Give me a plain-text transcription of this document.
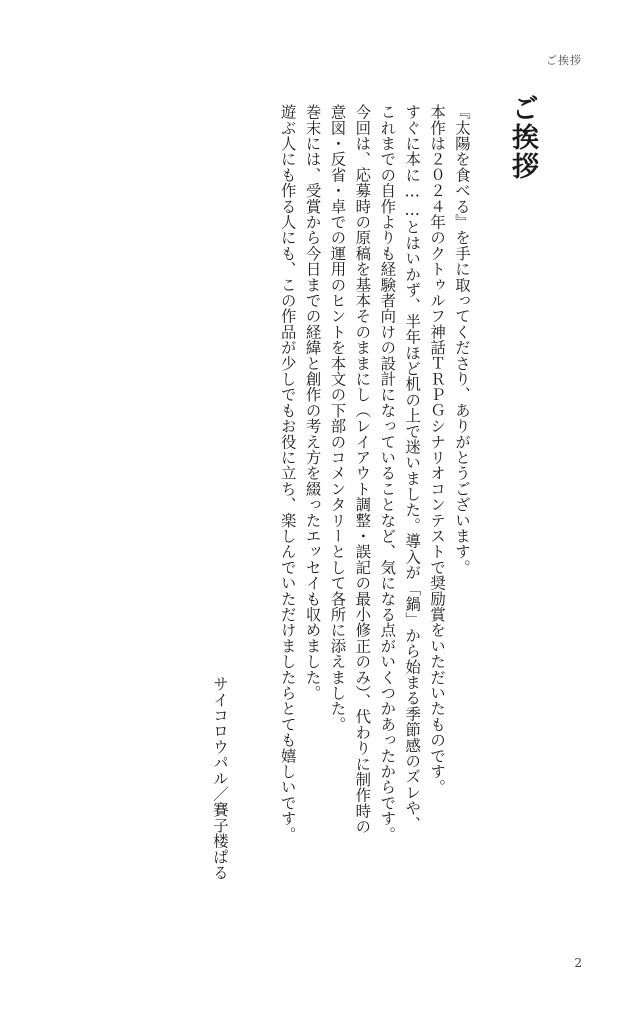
ご挨拶
ご挨拶
『太陽を食べる』を手に取ってくださり、ありがとうございます。
本作は２０２４年のクトゥルフ神話ＴＲＰＧシナリオコンテストで奨励賞をいただいたものです。
すぐに本に……とはいかず、半年ほど机の上で迷いました。導入が「鍋」から始まる季節感のズレや、
これまでの自作よりも経験者向けの設計になっていることなど、気になる点がいくつかあったからです。
今回は、応募時の原稿を基本そのままにし（レイアウト調整・誤記の最小修正のみ）、代わりに制作時の
意図・反省・卓での運用のヒントを本文の下部のコメンタリーとして各所に添えました。
巻末には、受賞から今日までの経緯と創作の考え方を綴ったエッセイも収めました。
遊ぶ人にも作る人にも、この作品が少しでもお役に立ち、楽しんでいただけましたらとても嬉しいです。
サイコロウパル／賽子楼ぱる
2
